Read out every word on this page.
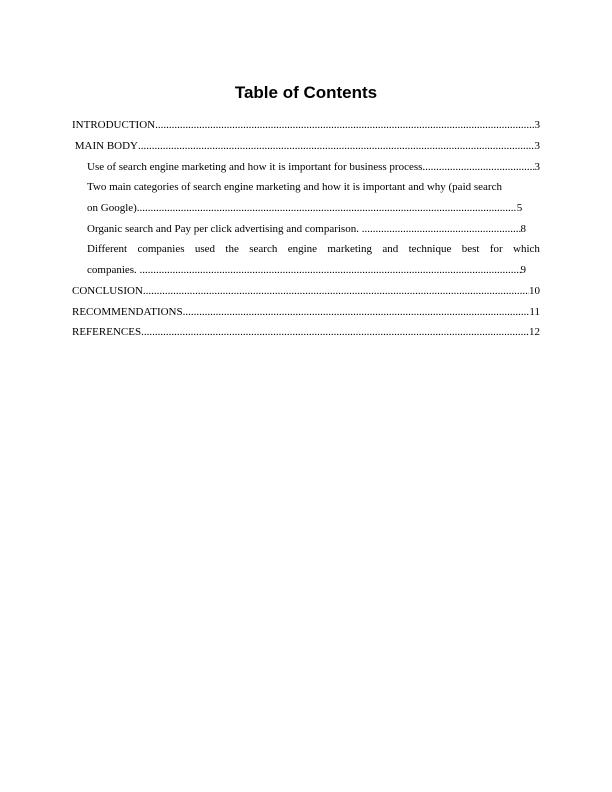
Table of Contents
INTRODUCTION .....	3
MAIN BODY .....	3
Use of search engine marketing and how it is important for business process .....	3
Two main categories of search engine marketing and how it is important and why (paid search
on Google) .....	5
Organic search and Pay per click advertising and comparison. .....	8
Different companies used the search engine marketing and technique best for which
companies. .....	9
CONCLUSION .....	10
RECOMMENDATIONS .....	11
REFERENCES .....	12
